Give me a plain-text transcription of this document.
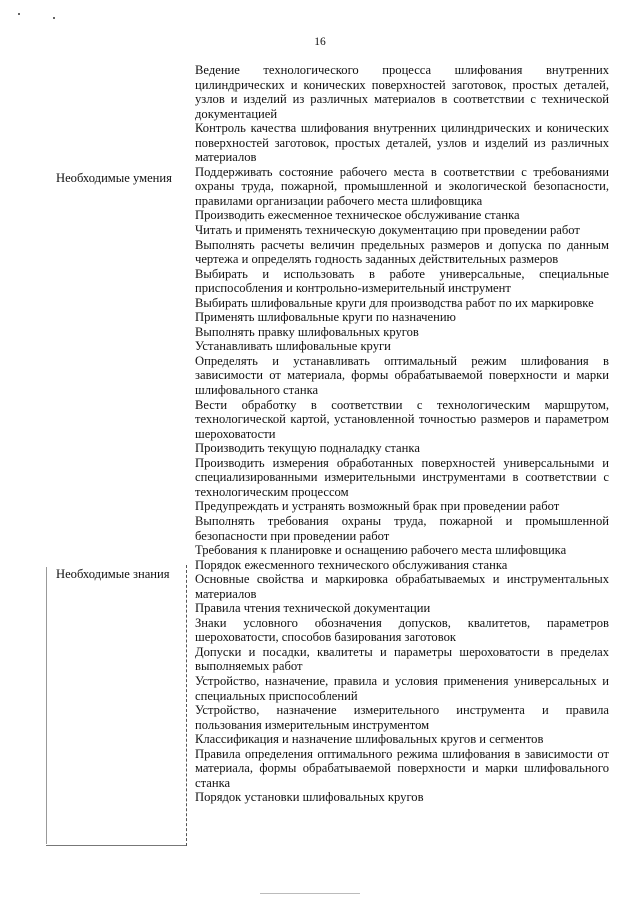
16
Необходимые умения
Необходимые знания
Ведение технологического процесса шлифования внутренних цилиндрических и конических поверхностей заготовок, простых деталей, узлов и изделий из различных материалов в соответствии с технической документацией
Контроль качества шлифования внутренних цилиндрических и конических поверхностей заготовок, простых деталей, узлов и изделий из различных материалов
Поддерживать состояние рабочего места в соответствии с требованиями охраны труда, пожарной, промышленной и экологической безопасности, правилами организации рабочего места шлифовщика
Производить ежесменное техническое обслуживание станка
Читать и применять техническую документацию при проведении работ
Выполнять расчеты величин предельных размеров и допуска по данным чертежа и определять годность заданных действительных размеров
Выбирать и использовать в работе универсальные, специальные приспособления и контрольно-измерительный инструмент
Выбирать шлифовальные круги для производства работ по их маркировке
Применять шлифовальные круги по назначению
Выполнять правку шлифовальных кругов
Устанавливать шлифовальные круги
Определять и устанавливать оптимальный режим шлифования в зависимости от материала, формы обрабатываемой поверхности и марки шлифовального станка
Вести обработку в соответствии с технологическим маршрутом, технологической картой, установленной точностью размеров и параметром шероховатости
Производить текущую подналадку станка
Производить измерения обработанных поверхностей универсальными и специализированными измерительными инструментами в соответствии с технологическим процессом
Предупреждать и устранять возможный брак при проведении работ
Выполнять требования охраны труда, пожарной и промышленной безопасности при проведении работ
Требования к планировке и оснащению рабочего места шлифовщика
Порядок ежесменного технического обслуживания станка
Основные свойства и маркировка обрабатываемых и инструментальных материалов
Правила чтения технической документации
Знаки условного обозначения допусков, квалитетов, параметров шероховатости, способов базирования заготовок
Допуски и посадки, квалитеты и параметры шероховатости в пределах выполняемых работ
Устройство, назначение, правила и условия применения универсальных и специальных приспособлений
Устройство, назначение измерительного инструмента и правила пользования измерительным инструментом
Классификация и назначение шлифовальных кругов и сегментов
Правила определения оптимального режима шлифования в зависимости от материала, формы обрабатываемой поверхности и марки шлифовального станка
Порядок установки шлифовальных кругов
